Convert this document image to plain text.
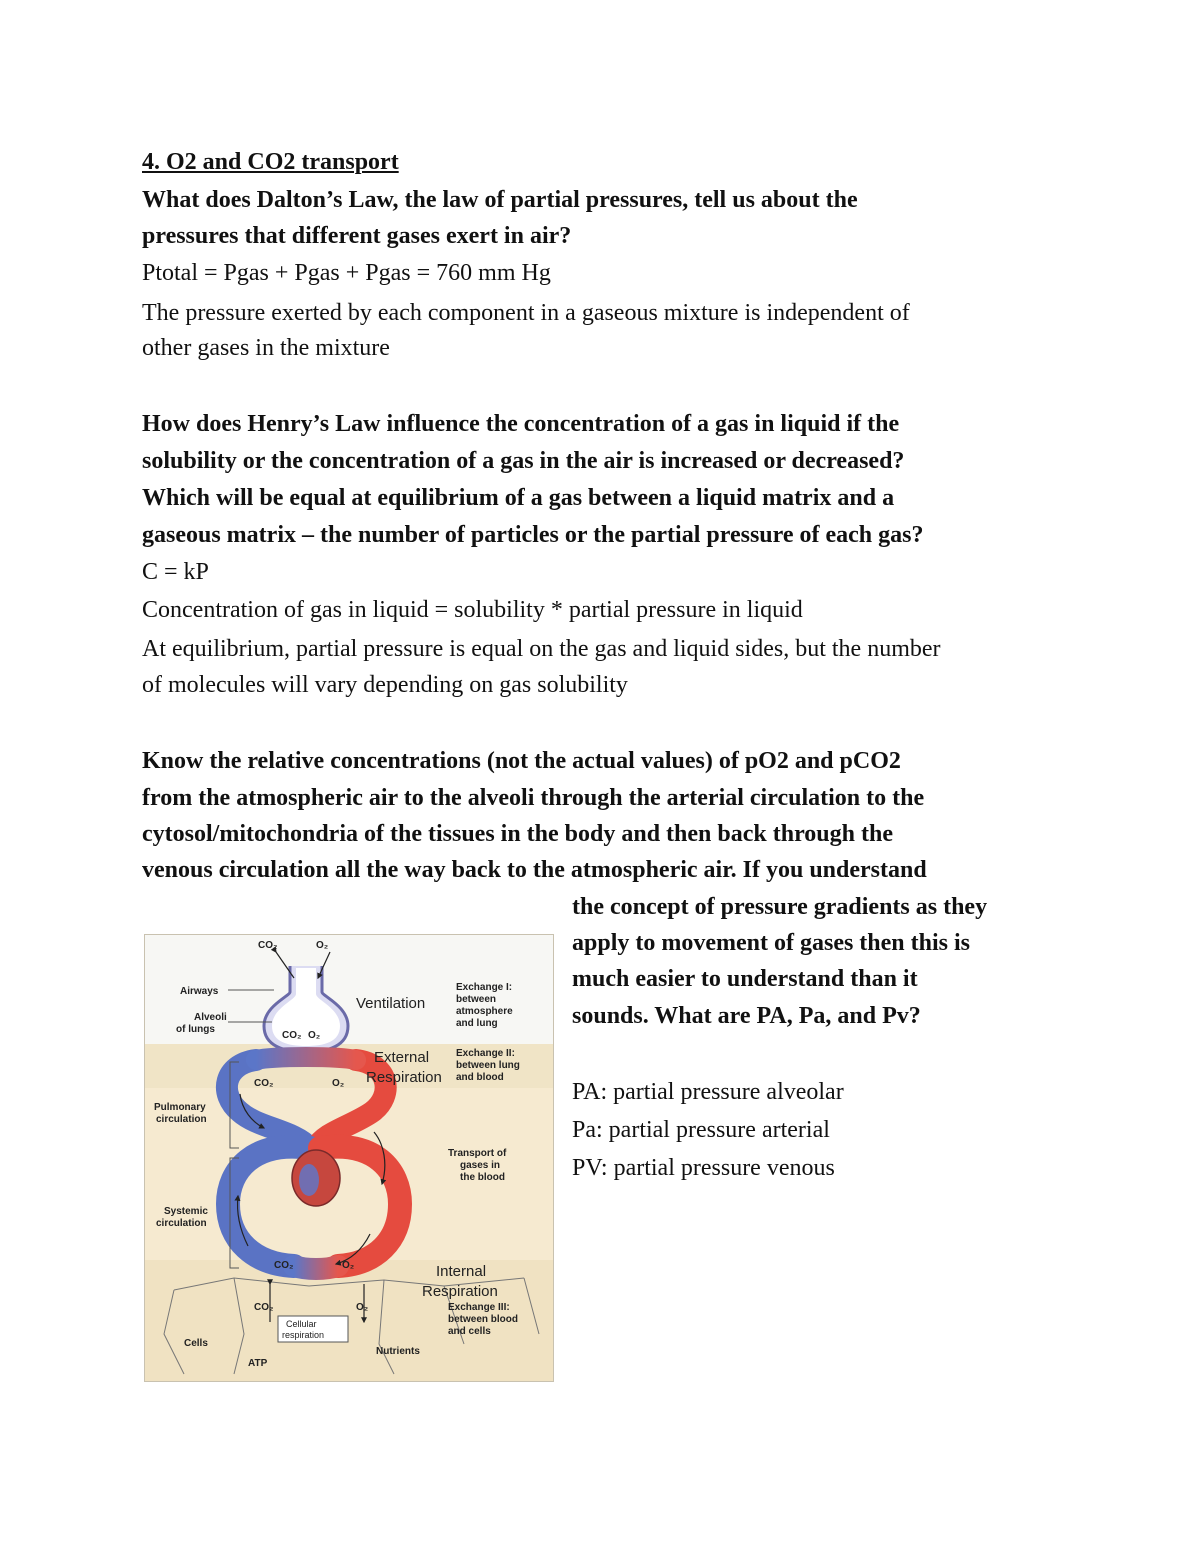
4. O2 and CO2 transport
What does Dalton’s Law, the law of partial pressures, tell us about the
pressures that different gases exert in air?
Ptotal = Pgas + Pgas + Pgas = 760 mm Hg
The pressure exerted by each component in a gaseous mixture is independent of
other gases in the mixture
How does Henry’s Law influence the concentration of a gas in liquid if the
solubility or the concentration of a gas in the air is increased or decreased?
Which will be equal at equilibrium of a gas between a liquid matrix and a
gaseous matrix – the number of particles or the partial pressure of each gas?
C = kP
Concentration of gas in liquid = solubility * partial pressure in liquid
At equilibrium, partial pressure is equal on the gas and liquid sides, but the number
of molecules will vary depending on gas solubility
Know the relative concentrations (not the actual values) of pO2 and pCO2
from the atmospheric air to the alveoli through the arterial circulation to the
cytosol/mitochondria of the tissues in the body and then back through the
venous circulation all the way back to the atmospheric air. If you understand
the concept of pressure gradients as they
apply to movement of gases then this is
much easier to understand than it
sounds. What are PA, Pa, and Pv?
PA: partial pressure alveolar
Pa: partial pressure arterial
PV: partial pressure venous
CO₂	O₂
Airways
Alveoli
of lungs
CO₂ O₂
Exchange I:
between
atmosphere
and lung
Exchange II:
between lung
and blood
CO₂	O₂
Pulmonary
circulation
Transport of
gases in
the blood
Systemic
circulation
CO₂	O₂
Exchange III:
between blood
and cells
CO₂	O₂
Cells
ATP
Nutrients
Cellular
respiration
Ventilation
External
Respiration
Internal
Respiration
